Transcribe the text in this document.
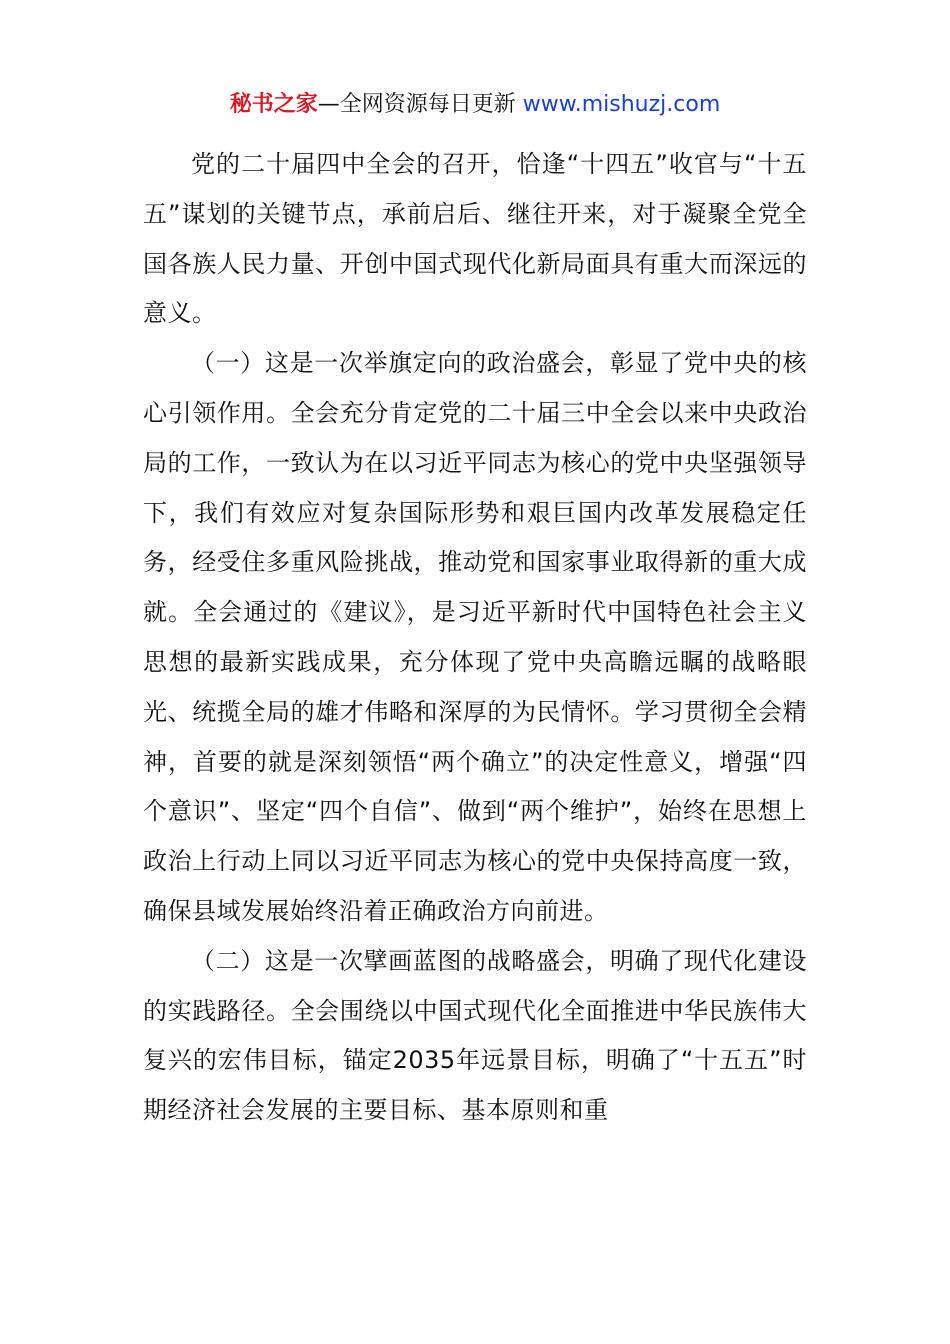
秘书之家—全网资源每日更新 www.mishuzj.com

党的二十届四中全会的召开，恰逢“十四五”收官与“十五五”谋划的关键节点，承前启后、继往开来，对于凝聚全党全国各族人民力量、开创中国式现代化新局面具有重大而深远的意义。

（一）这是一次举旗定向的政治盛会，彰显了党中央的核心引领作用。全会充分肯定党的二十届三中全会以来中央政治局的工作，一致认为在以习近平同志为核心的党中央坚强领导下，我们有效应对复杂国际形势和艰巨国内改革发展稳定任务，经受住多重风险挑战，推动党和国家事业取得新的重大成就。全会通过的《建议》，是习近平新时代中国特色社会主义思想的最新实践成果，充分体现了党中央高瞻远瞩的战略眼光、统揽全局的雄才伟略和深厚的为民情怀。学习贯彻全会精神，首要的就是深刻领悟“两个确立”的决定性意义，增强“四个意识”、坚定“四个自信”、做到“两个维护”，始终在思想上政治上行动上同以习近平同志为核心的党中央保持高度一致，确保县域发展始终沿着正确政治方向前进。

（二）这是一次擘画蓝图的战略盛会，明确了现代化建设的实践路径。全会围绕以中国式现代化全面推进中华民族伟大复兴的宏伟目标，锚定2035年远景目标，明确了“十五五”时期经济社会发展的主要目标、基本原则和重
